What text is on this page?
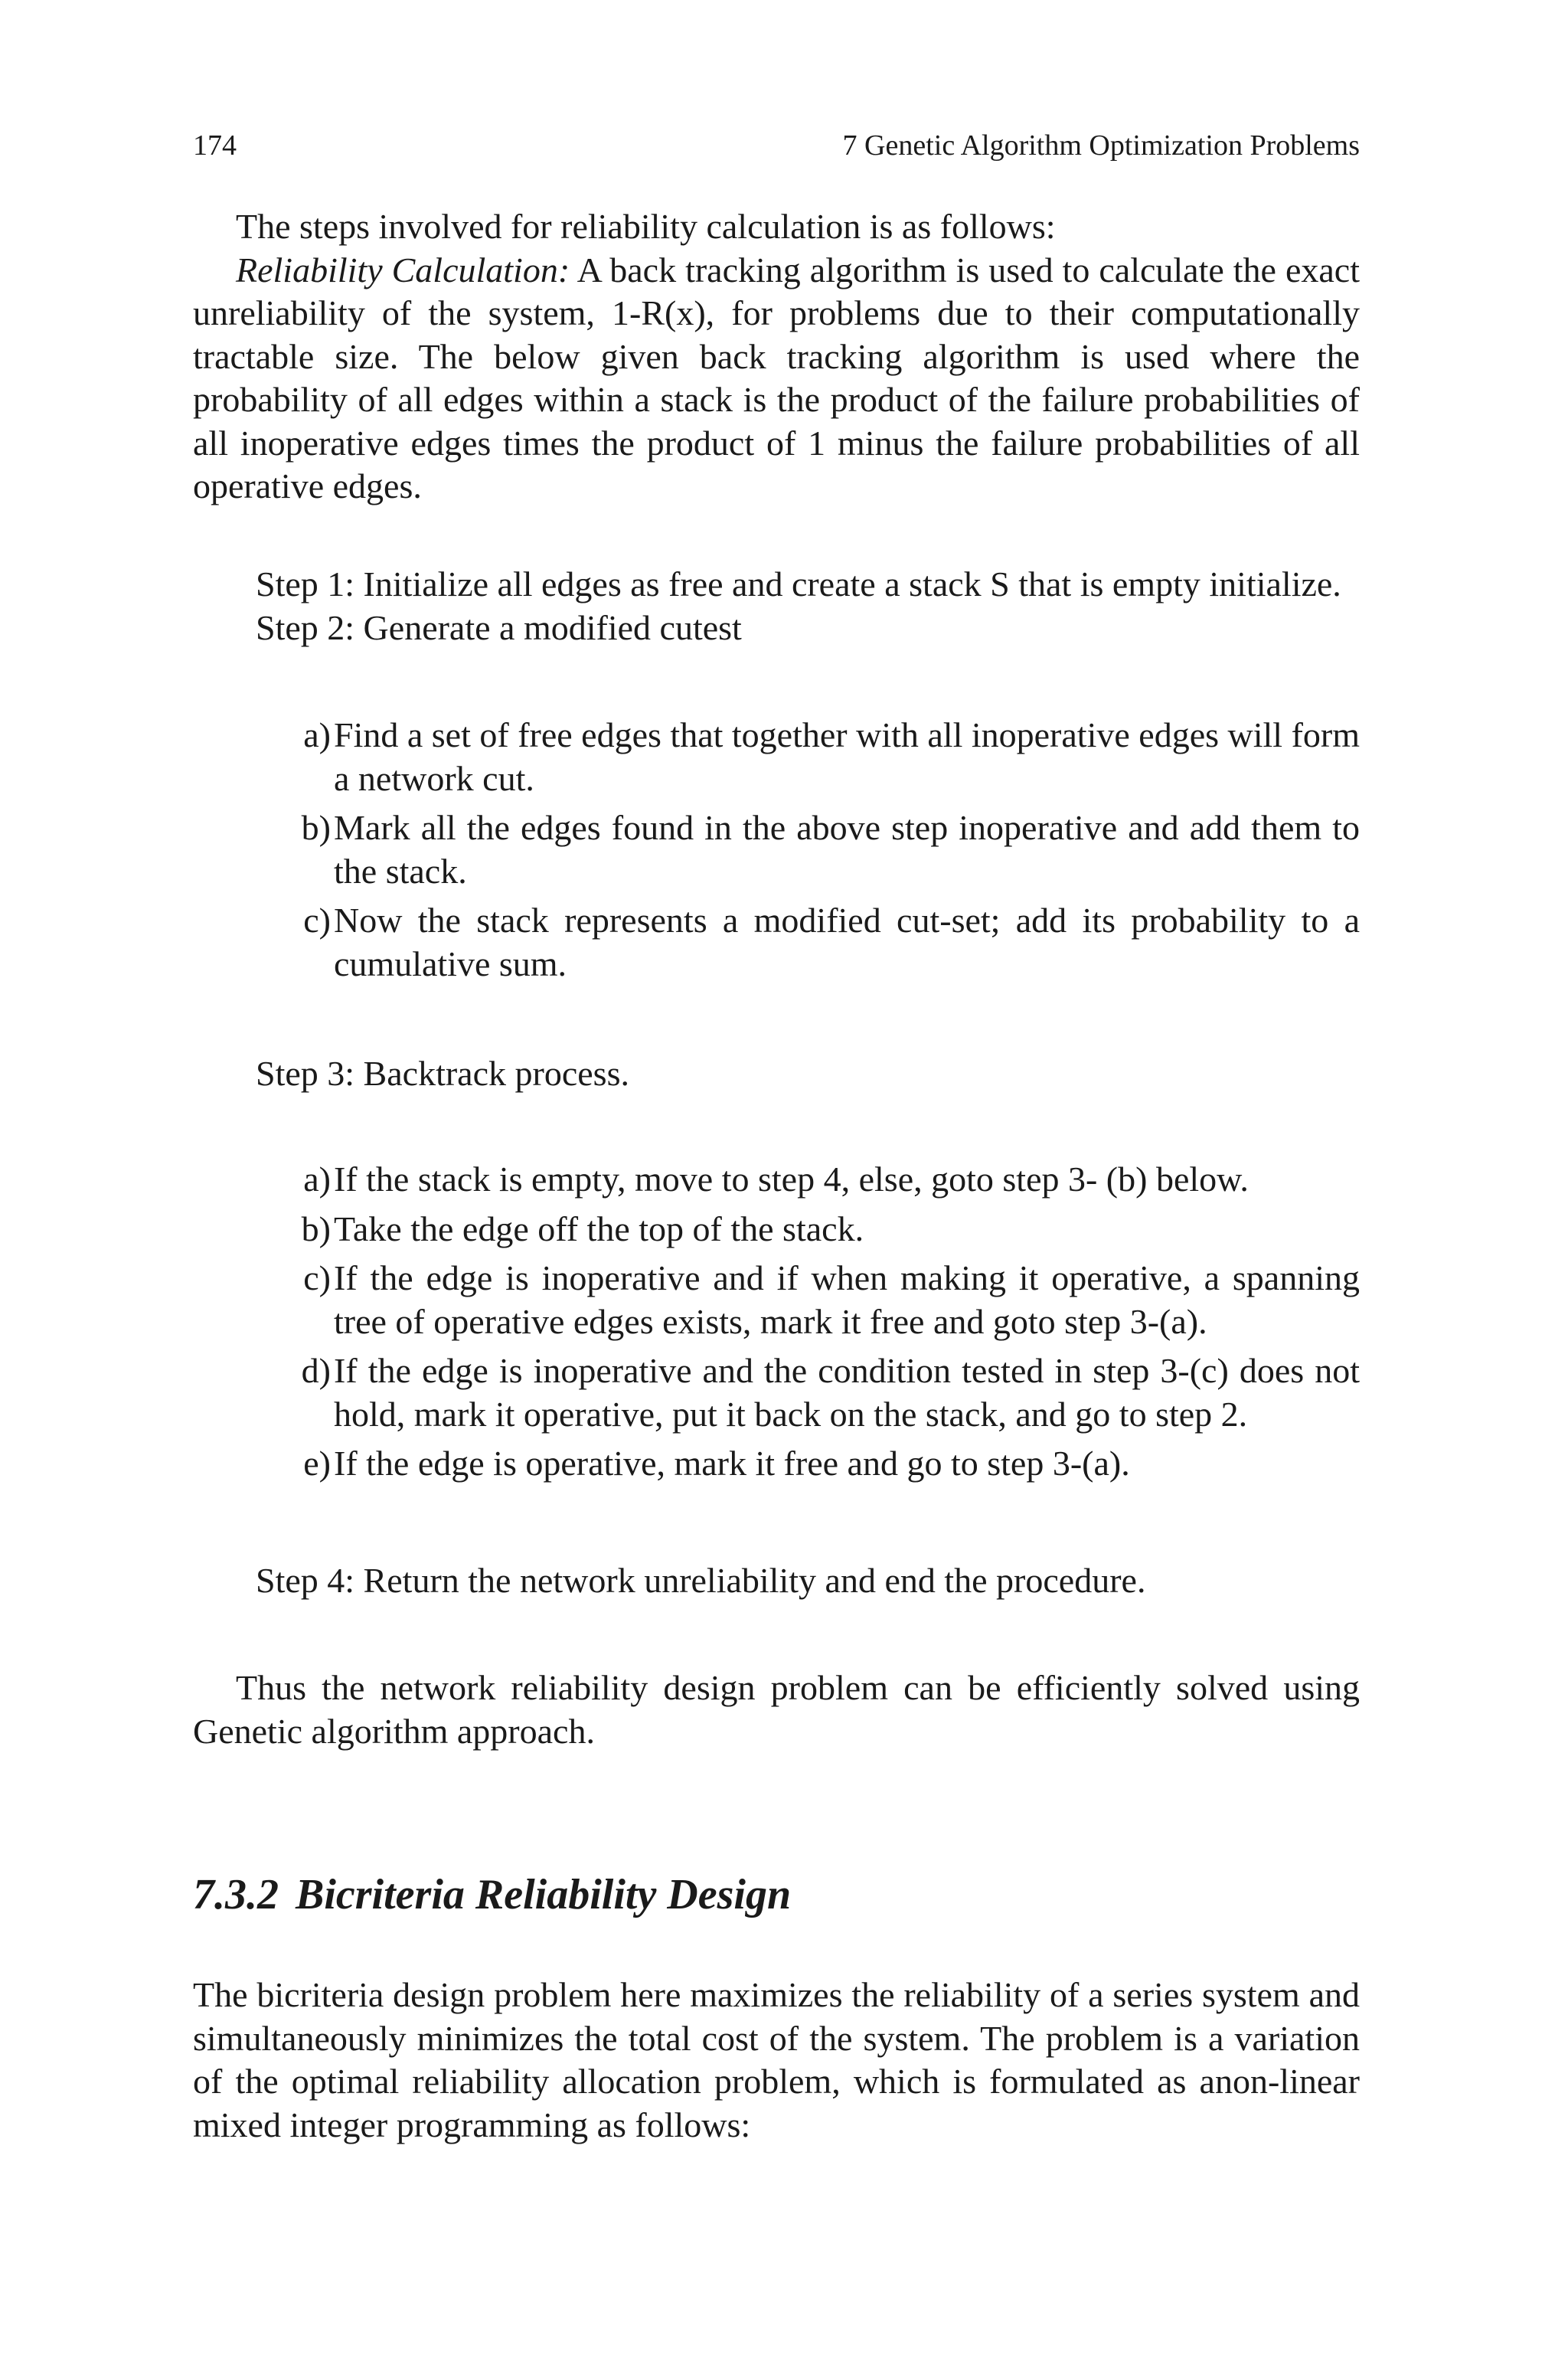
174	7 Genetic Algorithm Optimization Problems

The steps involved for reliability calculation is as follows:

Reliability Calculation: A back tracking algorithm is used to calculate the exact unreliability of the system, 1-R(x), for problems due to their computationally tractable size. The below given back tracking algorithm is used where the probability of all edges within a stack is the product of the failure probabilities of all inoperative edges times the product of 1 minus the failure probabilities of all operative edges.

Step 1: Initialize all edges as free and create a stack S that is empty initialize.

Step 2: Generate a modified cutest

a) Find a set of free edges that together with all inoperative edges will form a network cut.
b) Mark all the edges found in the above step inoperative and add them to the stack.
c) Now the stack represents a modified cut-set; add its probability to a cumulative sum.

Step 3: Backtrack process.

a) If the stack is empty, move to step 4, else, goto step 3- (b) below.
b) Take the edge off the top of the stack.
c) If the edge is inoperative and if when making it operative, a spanning tree of operative edges exists, mark it free and goto step 3-(a).
d) If the edge is inoperative and the condition tested in step 3-(c) does not hold, mark it operative, put it back on the stack, and go to step 2.
e) If the edge is operative, mark it free and go to step 3-(a).

Step 4: Return the network unreliability and end the procedure.

Thus the network reliability design problem can be efficiently solved using Genetic algorithm approach.

7.3.2 Bicriteria Reliability Design

The bicriteria design problem here maximizes the reliability of a series system and simultaneously minimizes the total cost of the system. The problem is a variation of the optimal reliability allocation problem, which is formulated as anon-linear mixed integer programming as follows:
